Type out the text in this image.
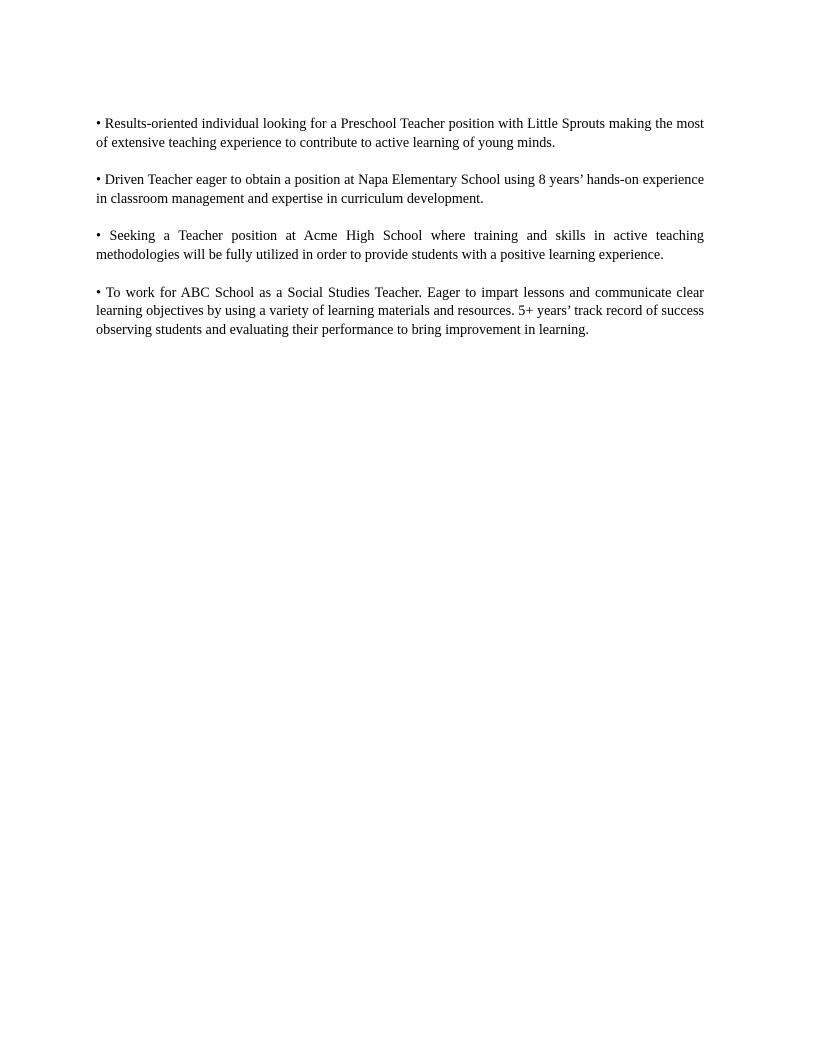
• Results-oriented individual looking for a Preschool Teacher position with Little Sprouts making the most of extensive teaching experience to contribute to active learning of young minds.

• Driven Teacher eager to obtain a position at Napa Elementary School using 8 years’ hands-on experience in classroom management and expertise in curriculum development.

• Seeking a Teacher position at Acme High School where training and skills in active teaching methodologies will be fully utilized in order to provide students with a positive learning experience.

• To work for ABC School as a Social Studies Teacher. Eager to impart lessons and communicate clear learning objectives by using a variety of learning materials and resources. 5+ years’ track record of success observing students and evaluating their performance to bring improvement in learning.
